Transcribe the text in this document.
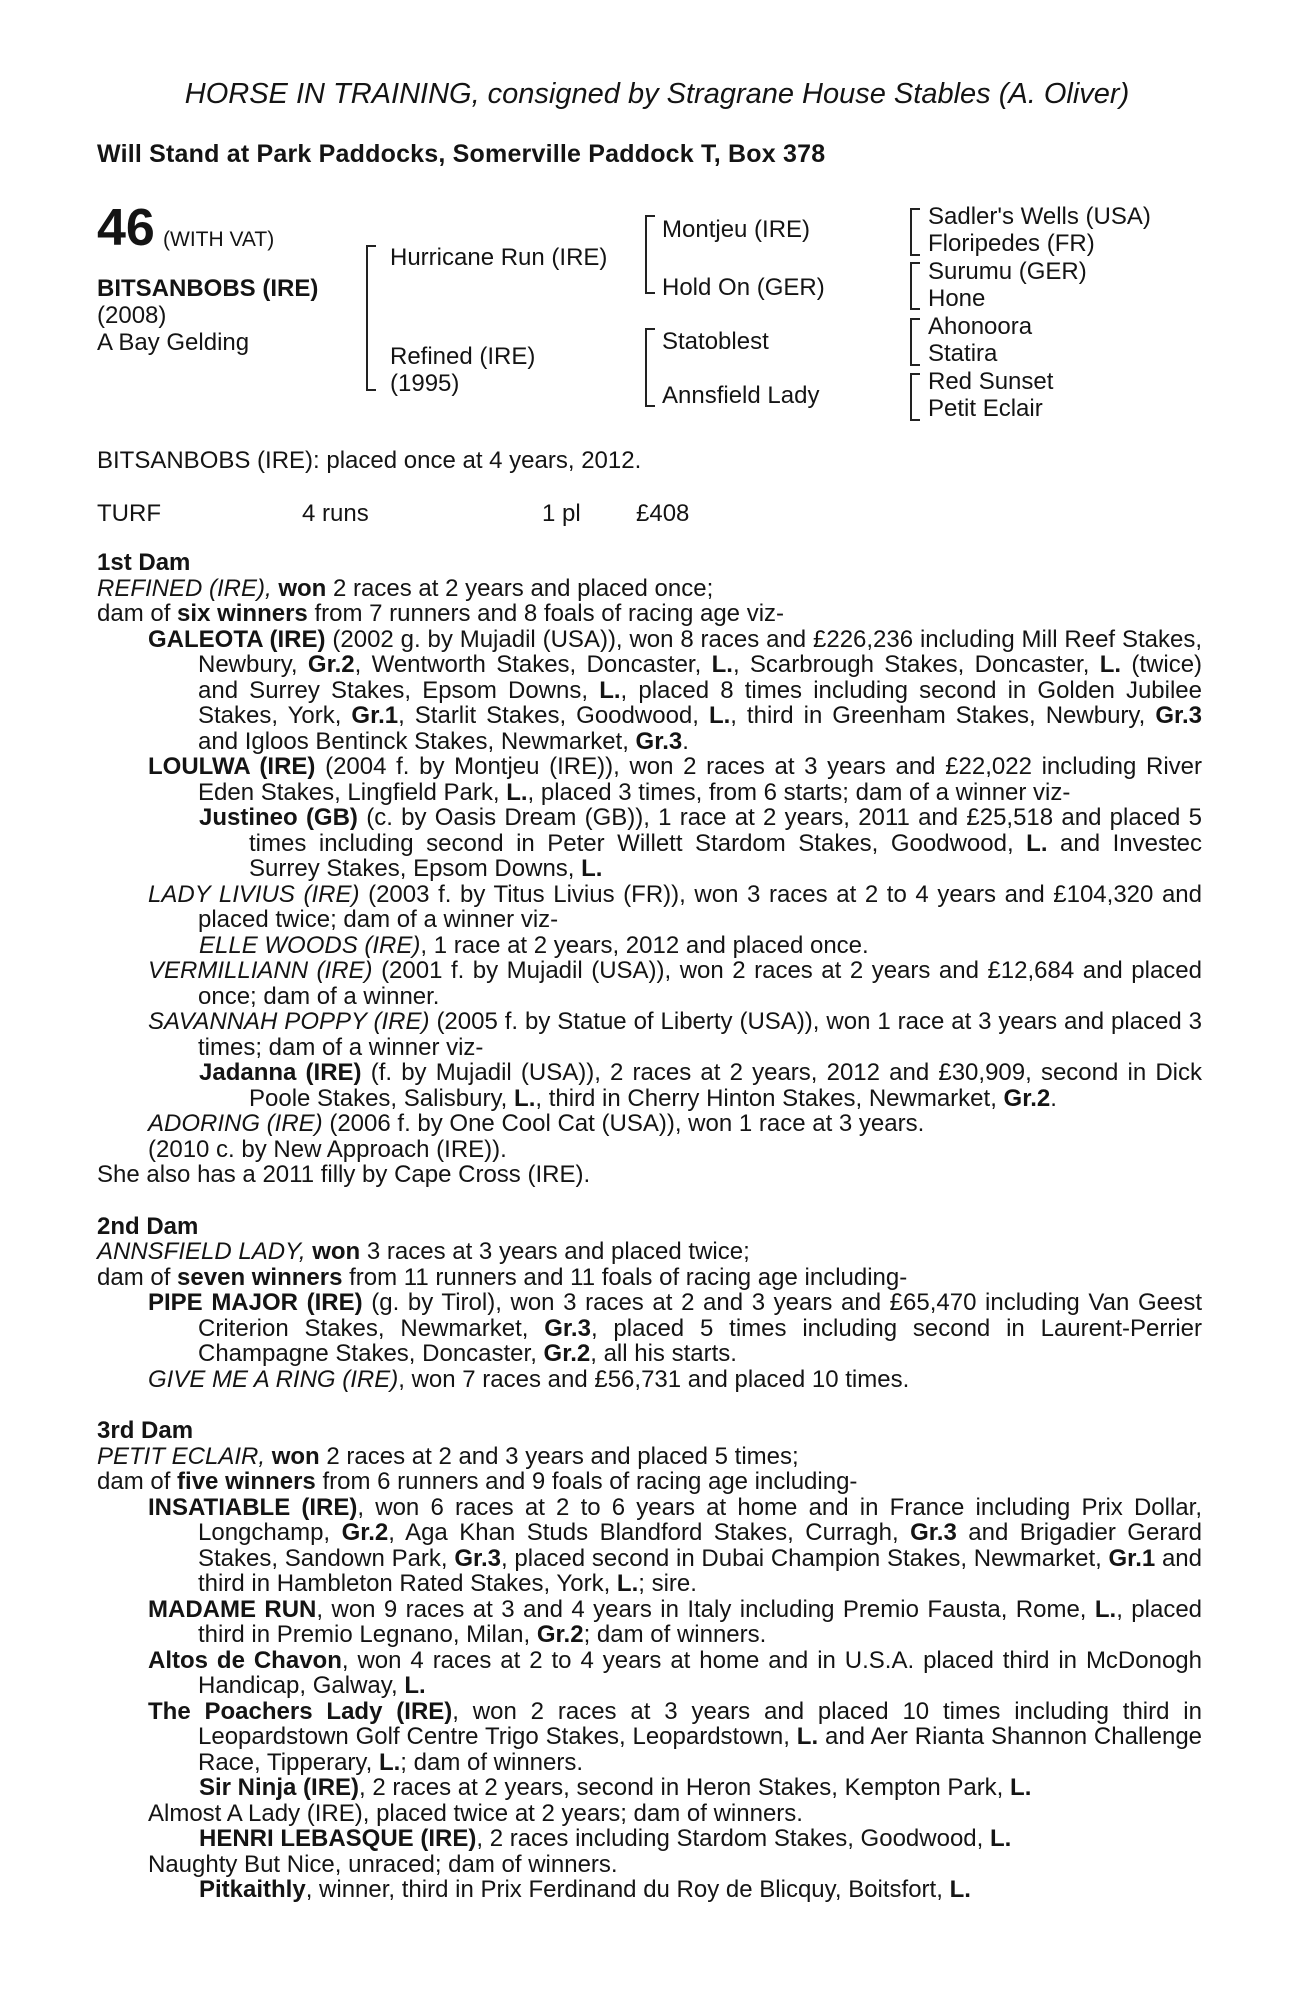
HORSE IN TRAINING, consigned by Stragrane House Stables (A. Oliver)
Will Stand at Park Paddocks, Somerville Paddock T, Box 378
46 (WITH VAT)
BITSANBOBS (IRE)
(2008)
A Bay Gelding
Hurricane Run (IRE)
Refined (IRE)
(1995)
Montjeu (IRE)
Hold On (GER)
Statoblest
Annsfield Lady
Sadler's Wells (USA)
Floripedes (FR)
Surumu (GER)
Hone
Ahonoora
Statira
Red Sunset
Petit Eclair
BITSANBOBS (IRE): placed once at 4 years, 2012.
TURF	4 runs	1 pl £408

1st Dam

REFINED (IRE), won 2 races at 2 years and placed once;

dam of six winners from 7 runners and 8 foals of racing age viz-

GALEOTA (IRE) (2002 g. by Mujadil (USA)), won 8 races and £226,236 including Mill Reef Stakes, Newbury, Gr.2, Wentworth Stakes, Doncaster, L., Scarbrough Stakes, Doncaster, L. (twice) and Surrey Stakes, Epsom Downs, L., placed 8 times including second in Golden Jubilee Stakes, York, Gr.1, Starlit Stakes, Goodwood, L., third in Greenham Stakes, Newbury, Gr.3 and Igloos Bentinck Stakes, Newmarket, Gr.3.

LOULWA (IRE) (2004 f. by Montjeu (IRE)), won 2 races at 3 years and £22,022 including River Eden Stakes, Lingfield Park, L., placed 3 times, from 6 starts; dam of a winner viz-

Justineo (GB) (c. by Oasis Dream (GB)), 1 race at 2 years, 2011 and £25,518 and placed 5 times including second in Peter Willett Stardom Stakes, Goodwood, L. and Investec Surrey Stakes, Epsom Downs, L.

LADY LIVIUS (IRE) (2003 f. by Titus Livius (FR)), won 3 races at 2 to 4 years and £104,320 and placed twice; dam of a winner viz-

ELLE WOODS (IRE), 1 race at 2 years, 2012 and placed once.

VERMILLIANN (IRE) (2001 f. by Mujadil (USA)), won 2 races at 2 years and £12,684 and placed once; dam of a winner.

SAVANNAH POPPY (IRE) (2005 f. by Statue of Liberty (USA)), won 1 race at 3 years and placed 3 times; dam of a winner viz-

Jadanna (IRE) (f. by Mujadil (USA)), 2 races at 2 years, 2012 and £30,909, second in Dick Poole Stakes, Salisbury, L., third in Cherry Hinton Stakes, Newmarket, Gr.2.

ADORING (IRE) (2006 f. by One Cool Cat (USA)), won 1 race at 3 years.

(2010 c. by New Approach (IRE)).

She also has a 2011 filly by Cape Cross (IRE).

2nd Dam

ANNSFIELD LADY, won 3 races at 3 years and placed twice;

dam of seven winners from 11 runners and 11 foals of racing age including-

PIPE MAJOR (IRE) (g. by Tirol), won 3 races at 2 and 3 years and £65,470 including Van Geest Criterion Stakes, Newmarket, Gr.3, placed 5 times including second in Laurent-Perrier Champagne Stakes, Doncaster, Gr.2, all his starts.

GIVE ME A RING (IRE), won 7 races and £56,731 and placed 10 times.

3rd Dam

PETIT ECLAIR, won 2 races at 2 and 3 years and placed 5 times;

dam of five winners from 6 runners and 9 foals of racing age including-

INSATIABLE (IRE), won 6 races at 2 to 6 years at home and in France including Prix Dollar, Longchamp, Gr.2, Aga Khan Studs Blandford Stakes, Curragh, Gr.3 and Brigadier Gerard Stakes, Sandown Park, Gr.3, placed second in Dubai Champion Stakes, Newmarket, Gr.1 and third in Hambleton Rated Stakes, York, L.; sire.

MADAME RUN, won 9 races at 3 and 4 years in Italy including Premio Fausta, Rome, L., placed third in Premio Legnano, Milan, Gr.2; dam of winners.

Altos de Chavon, won 4 races at 2 to 4 years at home and in U.S.A. placed third in McDonogh Handicap, Galway, L.

The Poachers Lady (IRE), won 2 races at 3 years and placed 10 times including third in Leopardstown Golf Centre Trigo Stakes, Leopardstown, L. and Aer Rianta Shannon Challenge Race, Tipperary, L.; dam of winners.

Sir Ninja (IRE), 2 races at 2 years, second in Heron Stakes, Kempton Park, L.

Almost A Lady (IRE), placed twice at 2 years; dam of winners.

HENRI LEBASQUE (IRE), 2 races including Stardom Stakes, Goodwood, L.

Naughty But Nice, unraced; dam of winners.

Pitkaithly, winner, third in Prix Ferdinand du Roy de Blicquy, Boitsfort, L.
